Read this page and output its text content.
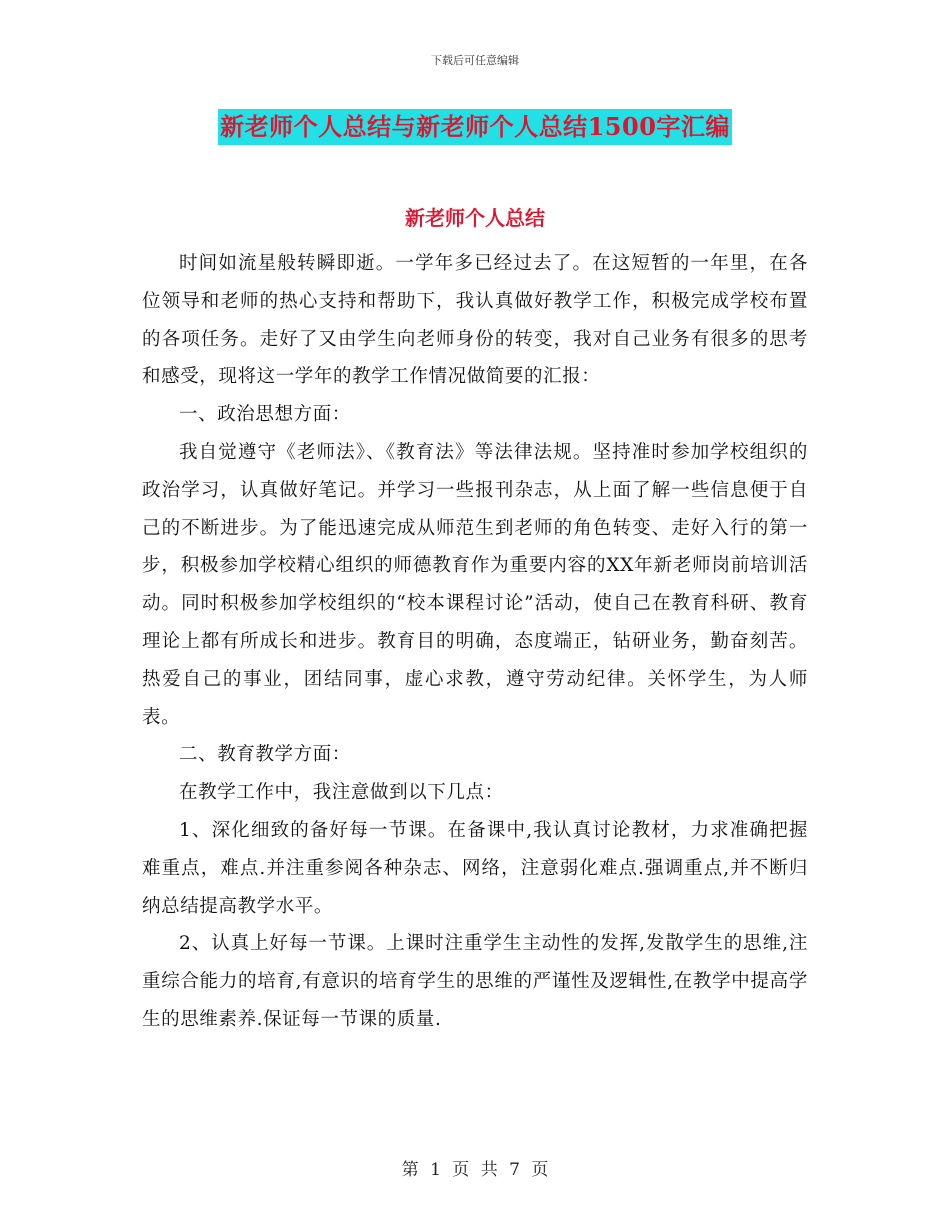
下载后可任意编辑
新老师个人总结与新老师个人总结1500字汇编
新老师个人总结

时间如流星般转瞬即逝。一学年多已经过去了。在这短暂的一年里，在各位领导和老师的热心支持和帮助下，我认真做好教学工作，积极完成学校布置的各项任务。走好了又由学生向老师身份的转变，我对自己业务有很多的思考和感受，现将这一学年的教学工作情况做简要的汇报：

一、政治思想方面：

我自觉遵守《老师法》、《教育法》等法律法规。坚持准时参加学校组织的政治学习，认真做好笔记。并学习一些报刊杂志，从上面了解一些信息便于自己的不断进步。为了能迅速完成从师范生到老师的角色转变、走好入行的第一步，积极参加学校精心组织的师德教育作为重要内容的XX年新老师岗前培训活动。同时积极参加学校组织的“校本课程讨论”活动，使自己在教育科研、教育理论上都有所成长和进步。教育目的明确，态度端正，钻研业务，勤奋刻苦。热爱自己的事业，团结同事，虚心求教，遵守劳动纪律。关怀学生，为人师表。

二、教育教学方面：

在教学工作中，我注意做到以下几点：

1、深化细致的备好每一节课。在备课中,我认真讨论教材，力求准确把握难重点，难点.并注重参阅各种杂志、网络，注意弱化难点.强调重点,并不断归纳总结提高教学水平。

2、认真上好每一节课。上课时注重学生主动性的发挥,发散学生的思维,注重综合能力的培育,有意识的培育学生的思维的严谨性及逻辑性,在教学中提高学生的思维素养.保证每一节课的质量.

第 1 页 共 7 页
